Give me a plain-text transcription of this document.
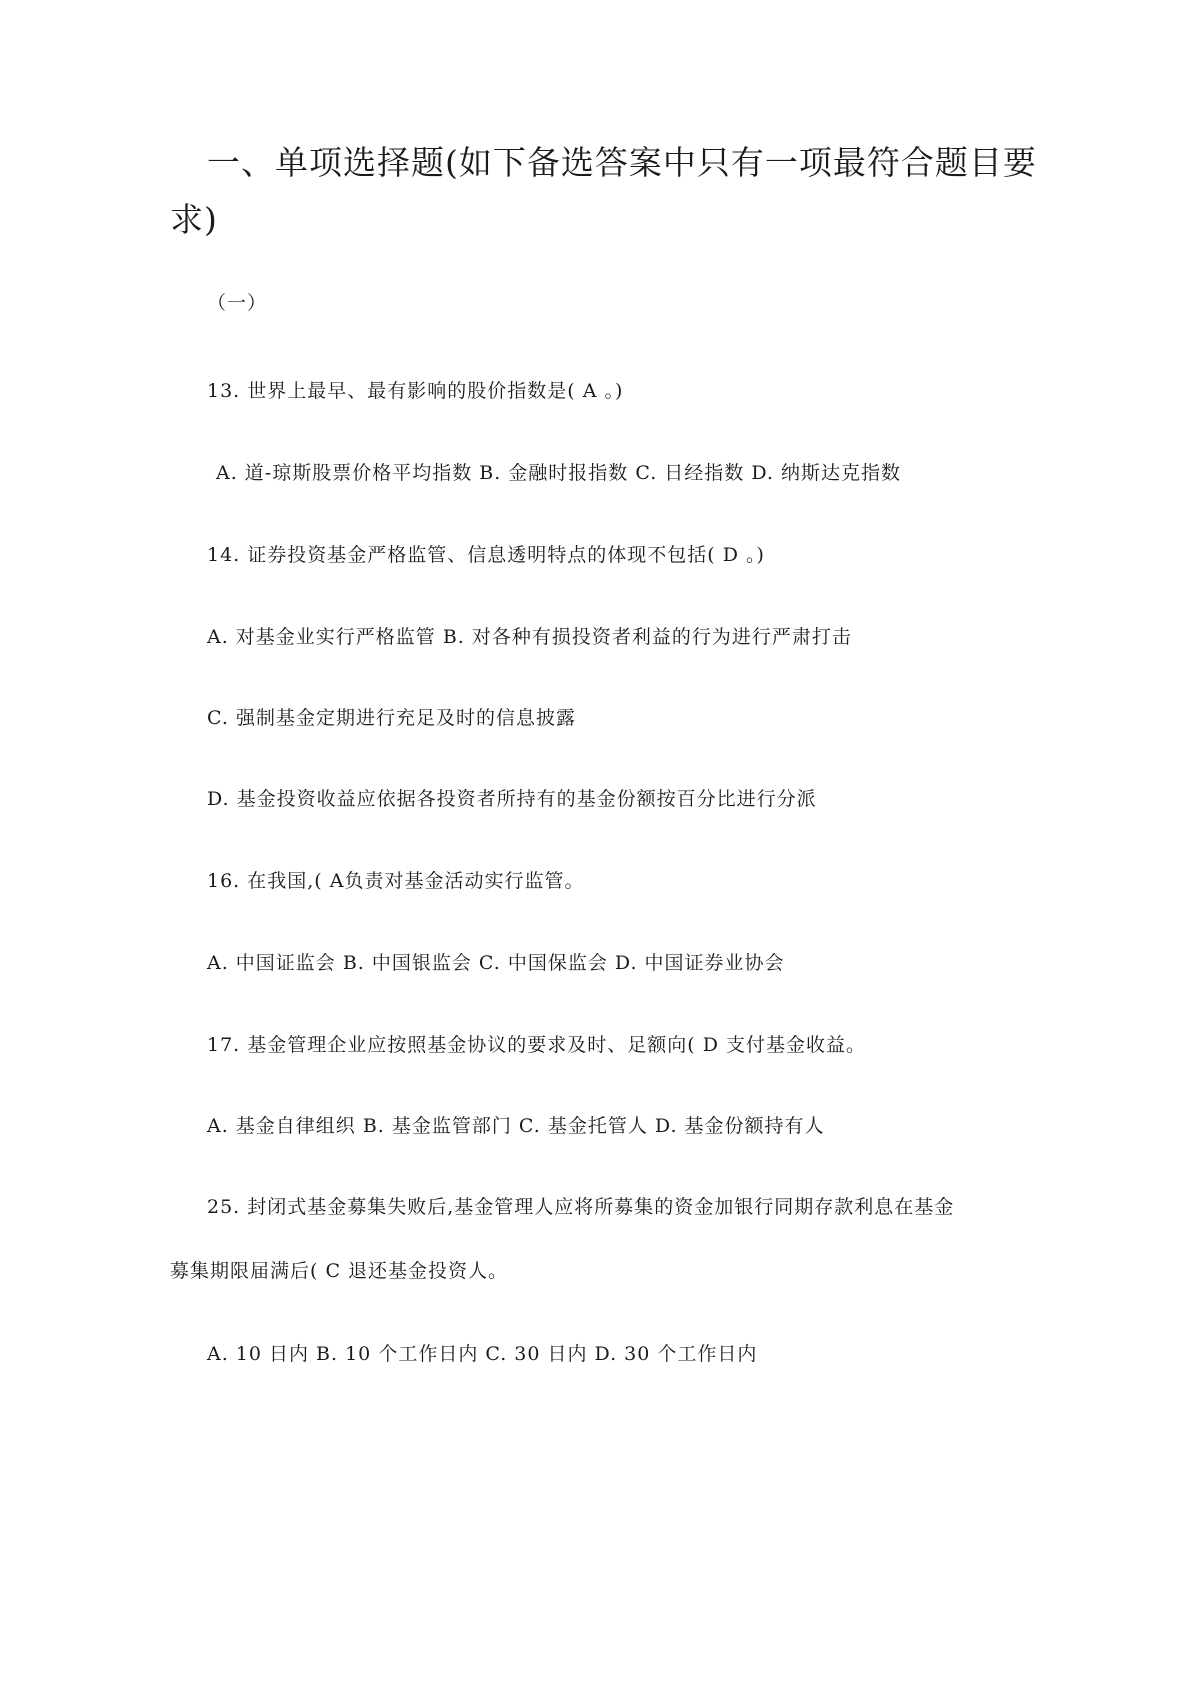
一、单项选择题(如下备选答案中只有一项最符合题目要
求)
（一）
13. 世界上最早、最有影响的股价指数是( A 。)
A. 道-琼斯股票价格平均指数 B. 金融时报指数 C. 日经指数 D. 纳斯达克指数
14. 证券投资基金严格监管、信息透明特点的体现不包括( D 。)
A. 对基金业实行严格监管 B. 对各种有损投资者利益的行为进行严肃打击
C. 强制基金定期进行充足及时的信息披露
D. 基金投资收益应依据各投资者所持有的基金份额按百分比进行分派
16. 在我国,( A负责对基金活动实行监管。
A. 中国证监会 B. 中国银监会 C. 中国保监会 D. 中国证券业协会
17. 基金管理企业应按照基金协议的要求及时、足额向( D 支付基金收益。
A. 基金自律组织 B. 基金监管部门 C. 基金托管人 D. 基金份额持有人
25. 封闭式基金募集失败后,基金管理人应将所募集的资金加银行同期存款利息在基金
募集期限届满后( C 退还基金投资人。
A. 10 日内 B. 10 个工作日内 C. 30 日内 D. 30 个工作日内
